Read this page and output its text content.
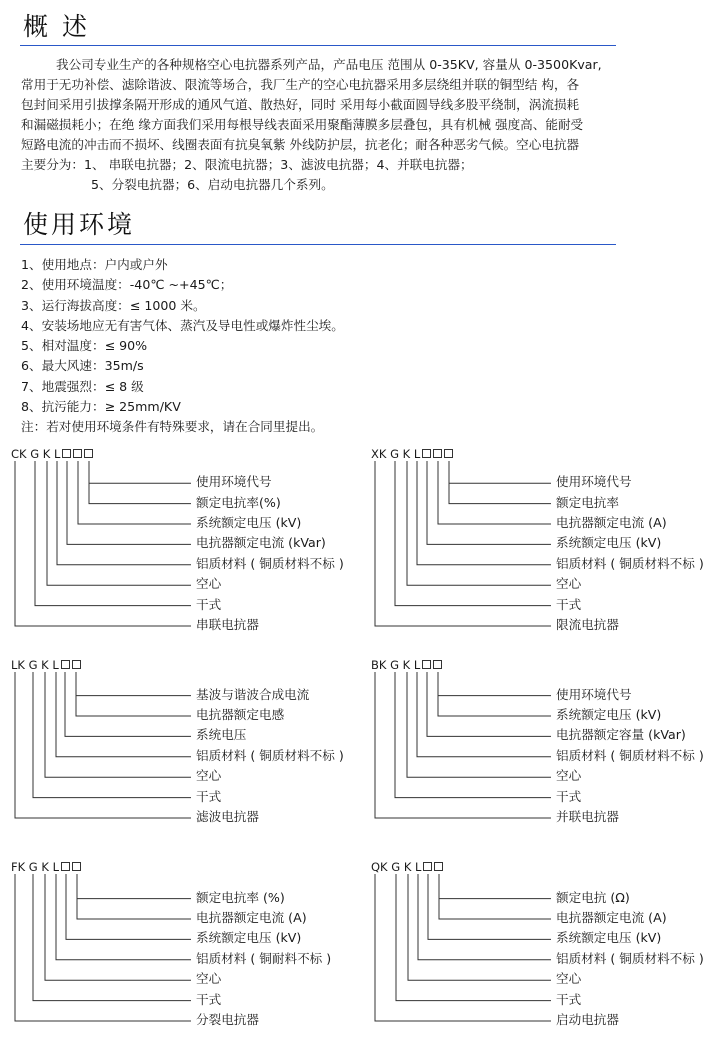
概 述

我公司专业生产的各种规格空心电抗器系列产品，产品电压 范围从 0-35KV, 容量从 0-3500Kvar,

常用于无功补偿、滤除谐波、限流等场合，我厂生产的空心电抗器采用多层绕组并联的铜型结 构，各

包封间采用引拔撑条隔开形成的通风气道、散热好，同时 采用每小截面圆导线多股平绕制，涡流损耗

和漏磁损耗小；在绝 缘方面我们采用每根导线表面采用聚酯薄膜多层叠包，具有机械 强度高、能耐受

短路电流的冲击而不损坏、线圈表面有抗臭氧紫 外线防护层，抗老化；耐各种恶劣气候。空心电抗器

主要分为：1、 串联电抗器；2、限流电抗器；3、滤波电抗器；4、并联电抗器；

5、分裂电抗器；6、启动电抗器几个系列。

使用环境
1、使用地点：户内或户外
2、使用环境温度：-40℃ ~+45℃；
3、运行海拔高度：≤ 1000 米。
4、安装场地应无有害气体、蒸汽及导电性或爆炸性尘埃。
5、相对温度：≤ 90%
6、最大风速：35m/s
7、地震强烈：≤ 8 级
8、抗污能力：≥ 25mm/KV
注：若对使用环境条件有特殊要求，请在合同里提出。
CK G K L	XK G K L
LK G K L	BK G K L
FK G K L	QK G K L
串联电抗器
干式
空心
铝质材料 ( 铜质材料不标 )
电抗器额定电流 (kVar)
系统额定电压 (kV)
额定电抗率(%)
使用环境代号
限流电抗器
干式
空心
铝质材料 ( 铜质材料不标 )
系统额定电压 (kV)
电抗器额定电流 (A)
额定电抗率
使用环境代号
滤波电抗器
干式
空心
铝质材料 ( 铜质材料不标 )
系统电压
电抗器额定电感
基波与谐波合成电流
并联电抗器
干式
空心
铝质材料 ( 铜质材料不标 )
电抗器额定容量 (kVar)
系统额定电压 (kV)
使用环境代号
分裂电抗器
干式
空心
铝质材料 ( 铜耐料不标 )
系统额定电压 (kV)
电抗器额定电流 (A)
额定电抗率 (%)
启动电抗器
干式
空心
铝质材料 ( 铜质材料不标 )
系统额定电压 (kV)
电抗器额定电流 (A)
额定电抗 (Ω)
